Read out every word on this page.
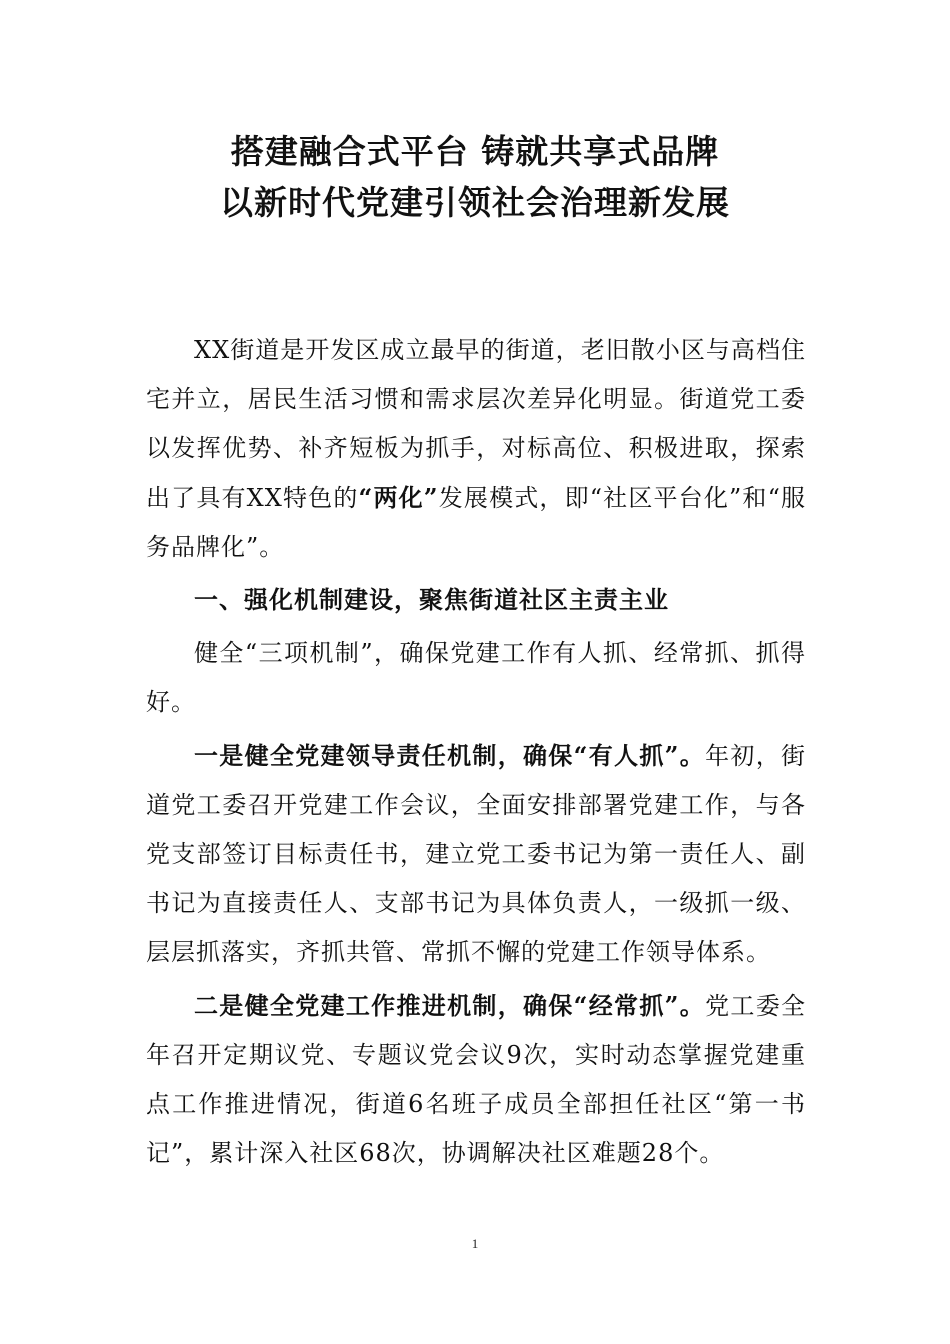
搭建融合式平台 铸就共享式品牌
以新时代党建引领社会治理新发展

XX街道是开发区成立最早的街道，老旧散小区与高档住宅并立，居民生活习惯和需求层次差异化明显。街道党工委以发挥优势、补齐短板为抓手，对标高位、积极进取，探索出了具有XX特色的“两化”发展模式，即“社区平台化”和“服务品牌化”。

一、强化机制建设，聚焦街道社区主责主业

健全“三项机制”，确保党建工作有人抓、经常抓、抓得好。

一是健全党建领导责任机制，确保“有人抓”。年初，街道党工委召开党建工作会议，全面安排部署党建工作，与各党支部签订目标责任书，建立党工委书记为第一责任人、副书记为直接责任人、支部书记为具体负责人，一级抓一级、层层抓落实，齐抓共管、常抓不懈的党建工作领导体系。

二是健全党建工作推进机制，确保“经常抓”。党工委全年召开定期议党、专题议党会议9次，实时动态掌握党建重点工作推进情况，街道6名班子成员全部担任社区“第一书记”，累计深入社区68次，协调解决社区难题28个。

1
